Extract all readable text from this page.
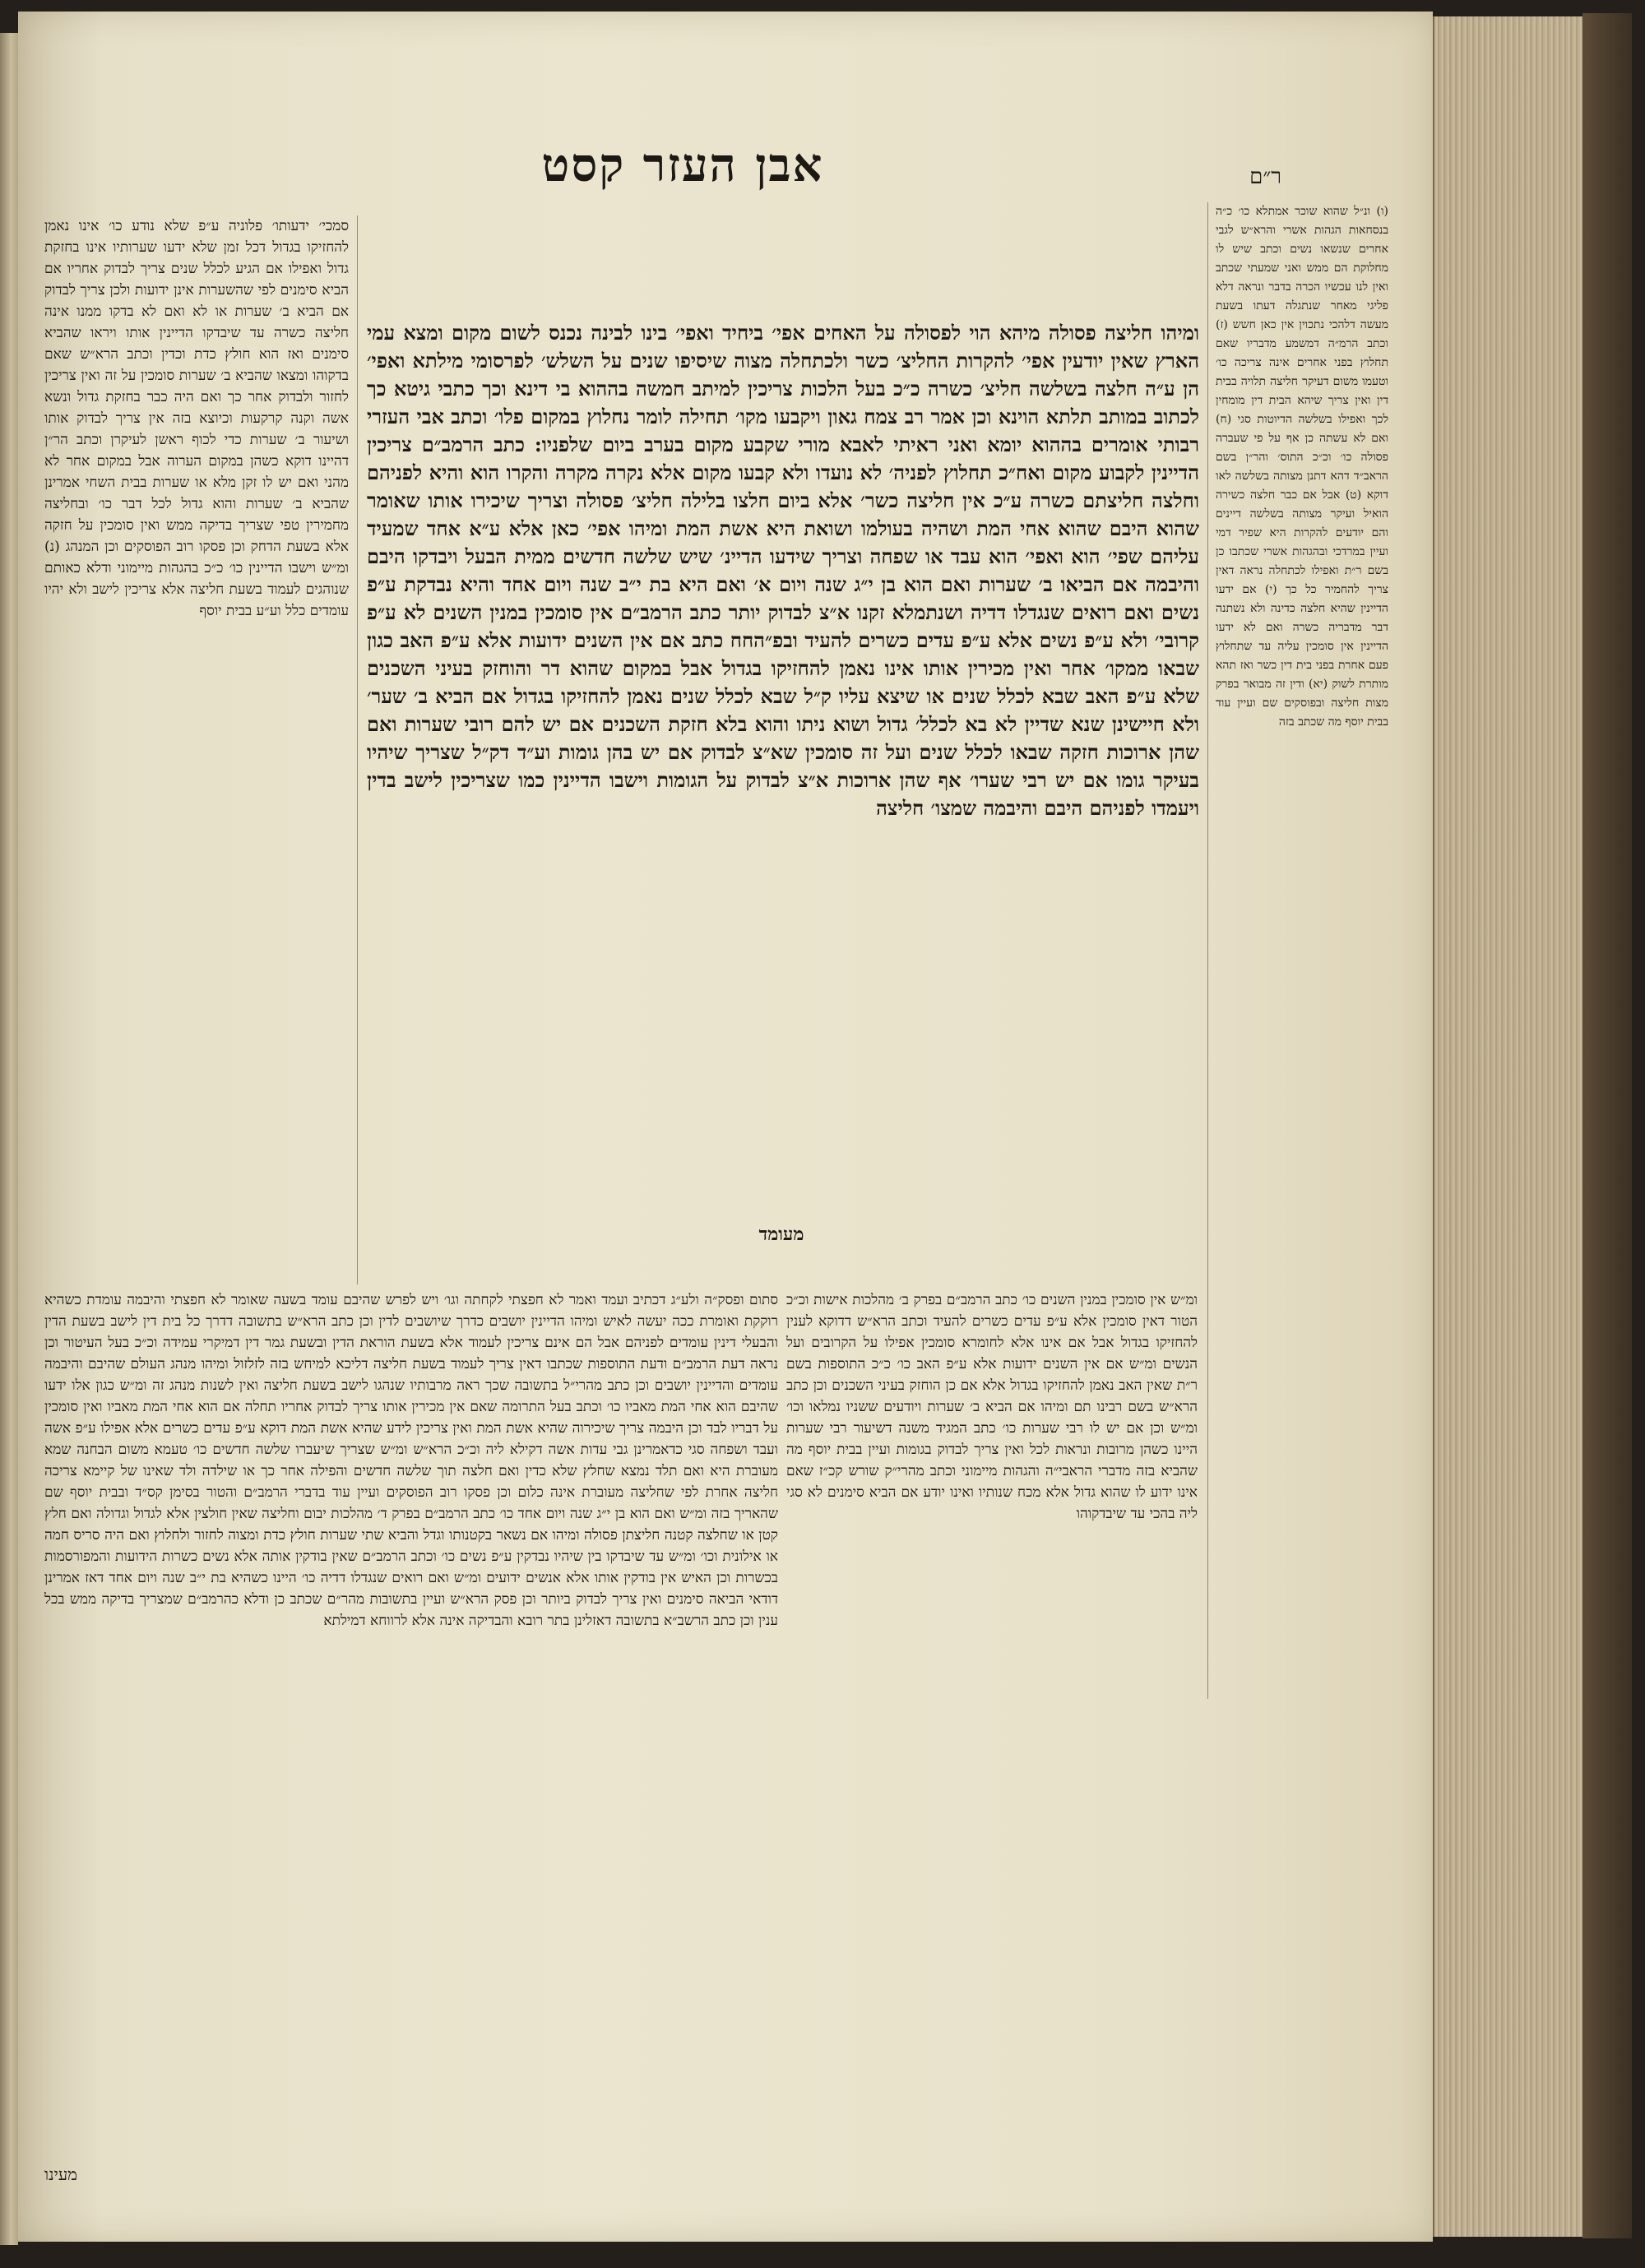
אבן העזר קסט	ר״ם
סמכי׳ ידעותו׳ פלוניה ע״פ שלא נודע כו׳ אינו נאמן להחזיקו בגדול דכל זמן שלא ידעו שערותיו אינו בחזקת גדול ואפילו אם הגיע לכלל שנים צריך לבדוק אחריו אם הביא סימנים לפי שהשערות אינן ידועות ולכן צריך לבדוק אם הביא ב׳ שערות או לא ואם לא בדקו ממנו אינה חליצה כשרה עד שיבדקו הדיינין אותו ויראו שהביא סימנים ואז הוא חולץ כדת וכדין וכתב הרא״ש שאם בדקוהו ומצאו שהביא ב׳ שערות סומכין על זה ואין צריכין לחזור ולבדוק אחר כך ואם היה כבר בחזקת גדול ונשא אשה וקנה קרקעות וכיוצא בזה אין צריך לבדוק אותו ושיעור ב׳ שערות כדי לכוף ראשן לעיקרן וכתב הר״ן דהיינו דוקא כשהן במקום הערוה אבל במקום אחר לא מהני ואם יש לו זקן מלא או שערות בבית השחי אמרינן שהביא ב׳ שערות והוא גדול לכל דבר כו׳ ובחליצה מחמירין טפי שצריך בדיקה ממש ואין סומכין על חזקה אלא בשעת הדחק וכן פסקו רוב הפוסקים וכן המנהג (נ) ומ״ש וישבו הדיינין כו׳ כ״כ בהגהות מיימוני ודלא כאותם שנוהגים לעמוד בשעת חליצה אלא צריכין לישב ולא יהיו עומדים כלל וע״ע בבית יוסף
ומיהו חליצה פסולה מיהא הוי לפסולה על האחים אפי׳ ביחיד ואפי׳ בינו לבינה נכנס לשום מקום ומצא עמי הארץ שאין יודעין אפי׳ להקרות החליצ׳ כשר ולכתחלה מצוה שיסיפו שנים על השלש׳ לפרסומי מילתא ואפי׳ הן ע״ה חלצה בשלשה חליצ׳ כשרה כ״כ בעל הלכות צריכין למיתב חמשה בההוא בי דינא וכך כתבי גיטא כך לכתוב במותב תלתא הוינא וכן אמר רב צמח גאון ויקבעו מקו׳ תחילה לומר נחלוץ במקום פלו׳ וכתב אבי העזרי רבותי אומרים בההוא יומא ואני ראיתי לאבא מורי שקבע מקום בערב ביום שלפניו: כתב הרמב״ם צריכין הדיינין לקבוע מקום ואח״כ תחלוץ לפניה׳ לא נועדו ולא קבעו מקום אלא נקרה מקרה והקרו הוא והיא לפניהם וחלצה חליצתם כשרה ע״כ אין חליצה כשר׳ אלא ביום חלצו בלילה חליצ׳ פסולה וצריך שיכירו אותו שאומר שהוא היבם שהוא אחי המת ושהיה בעולמו ושואת היא אשת המת ומיהו אפי׳ כאן אלא ע״א אחד שמעיד עליהם שפי׳ הוא ואפי׳ הוא עבד או שפחה וצריך שידעו הדיינ׳ שיש שלשה חדשים ממית הבעל ויבדקו היבם והיבמה אם הביאו ב׳ שערות ואם הוא בן י״ג שנה ויום א׳ ואם היא בת י״ב שנה ויום אחד והיא נבדקת ע״פ נשים ואם רואים שנגדלו דדיה ושנתמלא זקנו א״צ לבדוק יותר כתב הרמב״ם אין סומכין במנין השנים לא ע״פ קרובי׳ ולא ע״פ נשים אלא ע״פ עדים כשרים להעיד ובפ״החח כתב אם אין השנים ידועות אלא ע״פ האב כגון שבאו ממקו׳ אחר ואין מכירין אותו אינו נאמן להחזיקו בגדול אבל במקום שהוא דר והוחזק בעיני השכנים שלא ע״פ האב שבא לכלל שנים או שיצא עליו ק״ל שבא לכלל שנים נאמן להחזיקו בגדול אם הביא ב׳ שער׳ ולא חיישינן שנא שדיין לא בא לכלל׳ גדול ושוא ניתו והוא בלא חזקת השכנים אם יש להם רובי שערות ואם שהן ארוכות חזקה שבאו לכלל שנים ועל זה סומכין שא״צ לבדוק אם יש בהן גומות וע״ד דק״ל שצריך שיהיו בעיקר גומו אם יש רבי שערו׳ אף שהן ארוכות א״צ לבדוק על הגומות וישבו הדיינין כמו שצריכין לישב בדין ויעמדו לפניהם היבם והיבמה שמצו׳ חליצה
מעומד
(ו) ונ״ל שהוא שוכר אמתלא כו׳ כ״ה בנסחאות הגהות אשרי והרא״ש לגבי אחרים שנשאו נשים וכתב שיש לו מחלוקת הם ממש ואני שמעתי שכתב ואין לנו עכשיו הכרה בדבר ונראה דלא פליגי מאחר שנתגלה דעתו בשעת מעשה דלהכי נתכוין אין כאן חשש (ז) וכתב הרמ״ה דמשמע מדבריו שאם תחלוץ בפני אחרים אינה צריכה כו׳ וטעמו משום דעיקר חליצה תלויה בבית דין ואין צריך שיהא הבית דין מומחין לכך ואפילו בשלשה הדיוטות סגי (ח) ואם לא עשתה כן אף על פי שעברה פסולה כו׳ וכ״כ התוס׳ והר״ן בשם הראב״ד דהא דתנן מצותה בשלשה לאו דוקא (ט) אבל אם כבר חלצה כשירה הואיל ועיקר מצותה בשלשה דיינים והם יודעים להקרות היא שפיר דמי ועיין במרדכי ובהגהות אשרי שכתבו כן בשם ר״ת ואפילו לכתחלה נראה דאין צריך להחמיר כל כך (י) אם ידעו הדיינין שהיא חלצה כדינה ולא נשתנה דבר מדבריה כשרה ואם לא ידעו הדיינין אין סומכין עליה עד שתחלוץ פעם אחרת בפני בית דין כשר ואז תהא מותרת לשוק (יא) ודין זה מבואר בפרק מצות חליצה ובפוסקים שם ועיין עוד בבית יוסף מה שכתב בזה
סתום ופסק״ה ולע״ג דכתיב ועמד ואמר לא חפצתי לקחתה וגו׳ ויש לפרש שהיבם עומד בשעה שאומר לא חפצתי והיבמה עומדת כשהיא רוקקת ואומרת ככה יעשה לאיש ומיהו הדיינין יושבים כדרך שיושבים לדין וכן כתב הרא״ש בתשובה דדרך כל בית דין לישב בשעת הדין והבעלי דינין עומדים לפניהם אבל הם אינם צריכין לעמוד אלא בשעת הוראת הדין ובשעת גמר דין דמיקרי עמידה וכ״כ בעל העיטור וכן נראה דעת הרמב״ם ודעת התוספות שכתבו דאין צריך לעמוד בשעת חליצה דליכא למיחש בזה לזלזול ומיהו מנהג העולם שהיבם והיבמה עומדים והדיינין יושבים וכן כתב מהרי״ל בתשובה שכך ראה מרבותיו שנהגו לישב בשעת חליצה ואין לשנות מנהג זה ומ״ש כגון אלו ידעו שהיבם הוא אחי המת מאביו כו׳ וכתב בעל התרומה שאם אין מכירין אותו צריך לבדוק אחריו תחלה אם הוא אחי המת מאביו ואין סומכין על דבריו לבד וכן היבמה צריך שיכירוה שהיא אשת המת ואין צריכין לידע שהיא אשת המת דוקא ע״פ עדים כשרים אלא אפילו ע״פ אשה ועבד ושפחה סגי כדאמרינן גבי עדות אשה דקילא ליה וכ״כ הרא״ש ומ״ש שצריך שיעברו שלשה חדשים כו׳ טעמא משום הבחנה שמא מעוברת היא ואם תלד נמצא שחלץ שלא כדין ואם חלצה תוך שלשה חדשים והפילה אחר כך או שילדה ולד שאינו של קיימא צריכה חליצה אחרת לפי שחליצה מעוברת אינה כלום וכן פסקו רוב הפוסקים ועיין עוד בדברי הרמב״ם והטור בסימן קס״ד ובבית יוסף שם שהאריך בזה ומ״ש ואם הוא בן י״ג שנה ויום אחד כו׳ כתב הרמב״ם בפרק ד׳ מהלכות יבום וחליצה שאין חולצין אלא לגדול וגדולה ואם חלץ קטן או שחלצה קטנה חליצתן פסולה ומיהו אם נשאר בקטנותו וגדל והביא שתי שערות חולץ כדת ומצוה לחזור ולחלוץ ואם היה סריס חמה או אילונית וכו׳ ומ״ש עד שיבדקו בין שיהיו נבדקין ע״פ נשים כו׳ וכתב הרמב״ם שאין בודקין אותה אלא נשים כשרות הידועות והמפורסמות בכשרות וכן האיש אין בודקין אותו אלא אנשים ידועים ומ״ש ואם רואים שנגדלו דדיה כו׳ היינו כשהיא בת י״ב שנה ויום אחד דאז אמרינן דודאי הביאה סימנים ואין צריך לבדוק ביותר וכן פסק הרא״ש ועיין בתשובות מהר״ם שכתב כן ודלא כהרמב״ם שמצריך בדיקה ממש בכל ענין וכן כתב הרשב״א בתשובה דאזלינן בתר רובא והבדיקה אינה אלא לרווחא דמילתא
ומ״ש אין סומכין במנין השנים כו׳ כתב הרמב״ם בפרק ב׳ מהלכות אישות וכ״כ הטור דאין סומכין אלא ע״פ עדים כשרים להעיד וכתב הרא״ש דדוקא לענין להחזיקו בגדול אבל אם אינו אלא לחומרא סומכין אפילו על הקרובים ועל הנשים ומ״ש אם אין השנים ידועות אלא ע״פ האב כו׳ כ״כ התוספות בשם ר״ת שאין האב נאמן להחזיקו בגדול אלא אם כן הוחזק בעיני השכנים וכן כתב הרא״ש בשם רבינו תם ומיהו אם הביא ב׳ שערות ויודעים ששניו נמלאו וכו׳ ומ״ש וכן אם יש לו רבי שערות כו׳ כתב המגיד משנה דשיעור רבי שערות היינו כשהן מרובות ונראות לכל ואין צריך לבדוק בגומות ועיין בבית יוסף מה שהביא בזה מדברי הראבי״ה והגהות מיימוני וכתב מהרי״ק שורש קכ״ז שאם אינו ידוע לו שהוא גדול אלא מכח שנותיו ואינו יודע אם הביא סימנים לא סגי ליה בהכי עד שיבדקוהו
מעינו
